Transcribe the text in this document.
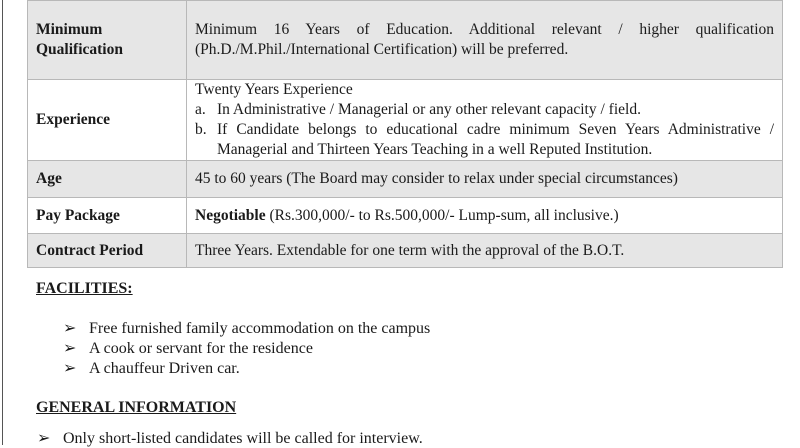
Minimum Qualification	Minimum 16 Years of Education. Additional relevant / higher qualification (Ph.D./M.Phil./International Certification) will be preferred.
Experience	Twenty Years Experience
a. In Administrative / Managerial or any other relevant capacity / field.
b. If Candidate belongs to educational cadre minimum Seven Years Administrative / Managerial and Thirteen Years Teaching in a well Reputed Institution.

Age	45 to 60 years (The Board may consider to relax under special circumstances)
Pay Package	Negotiable (Rs.300,000/- to Rs.500,000/- Lump-sum, all inclusive.)
Contract Period	Three Years. Extendable for one term with the approval of the B.O.T.
FACILITIES:
➢ Free furnished family accommodation on the campus
➢ A cook or servant for the residence
➢ A chauffeur Driven car.
GENERAL INFORMATION
➢ Only short-listed candidates will be called for interview.
